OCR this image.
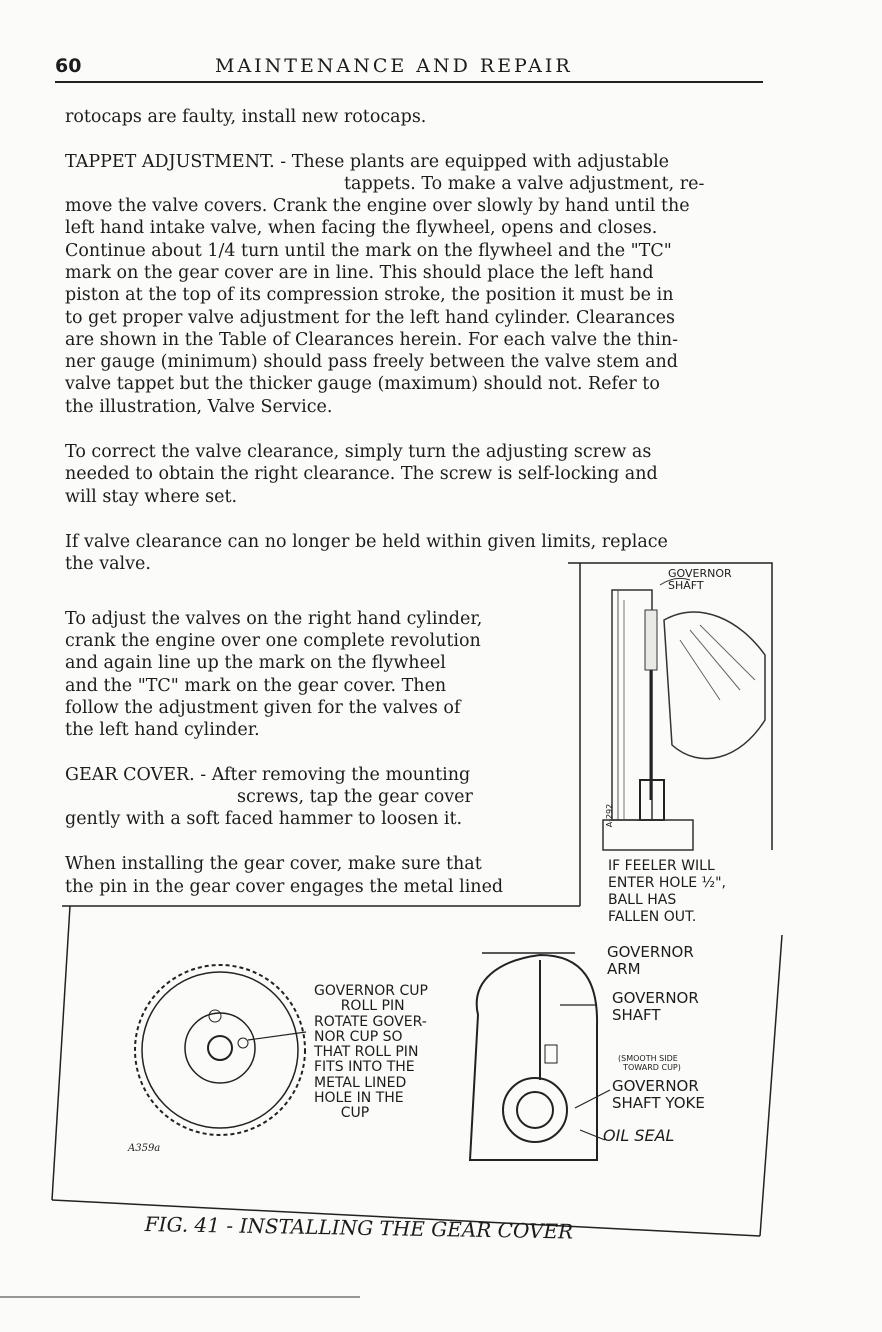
60	MAINTENANCE AND REPAIR

rotocaps are faulty, install new rotocaps.

TAPPET ADJUSTMENT. - These plants are equipped with adjustable

tappets. To make a valve adjustment, re-

move the valve covers. Crank the engine over slowly by hand until the

left hand intake valve, when facing the flywheel, opens and closes.

Continue about 1/4 turn until the mark on the flywheel and the "TC"

mark on the gear cover are in line. This should place the left hand

piston at the top of its compression stroke, the position it must be in

to get proper valve adjustment for the left hand cylinder. Clearances

are shown in the Table of Clearances herein. For each valve the thin-

ner gauge (minimum) should pass freely between the valve stem and

valve tappet but the thicker gauge (maximum) should not. Refer to

the illustration, Valve Service.

To correct the valve clearance, simply turn the adjusting screw as

needed to obtain the right clearance. The screw is self-locking and

will stay where set.

If valve clearance can no longer be held within given limits, replace

the valve.

To adjust the valves on the right hand cylinder,

crank the engine over one complete revolution

and again line up the mark on the flywheel

and the "TC" mark on the gear cover. Then

follow the adjustment given for the valves of

the left hand cylinder.

GEAR COVER. - After removing the mounting

screws, tap the gear cover

gently with a soft faced hammer to loosen it.

When installing the gear cover, make sure that

the pin in the gear cover engages the metal lined

GOVERNOR
SHAFT
A-292
IF FEELER WILL
ENTER HOLE ½",
BALL HAS
FALLEN OUT.
GOVERNOR CUP
ROLL PIN
ROTATE GOVER-
NOR CUP SO
THAT ROLL PIN
FITS INTO THE
METAL LINED
HOLE IN THE
CUP
GOVERNOR
ARM
GOVERNOR
SHAFT
(SMOOTH SIDE
TOWARD CUP)
GOVERNOR
SHAFT YOKE
OIL SEAL
A359a
FIG. 41 - INSTALLING THE GEAR COVER
